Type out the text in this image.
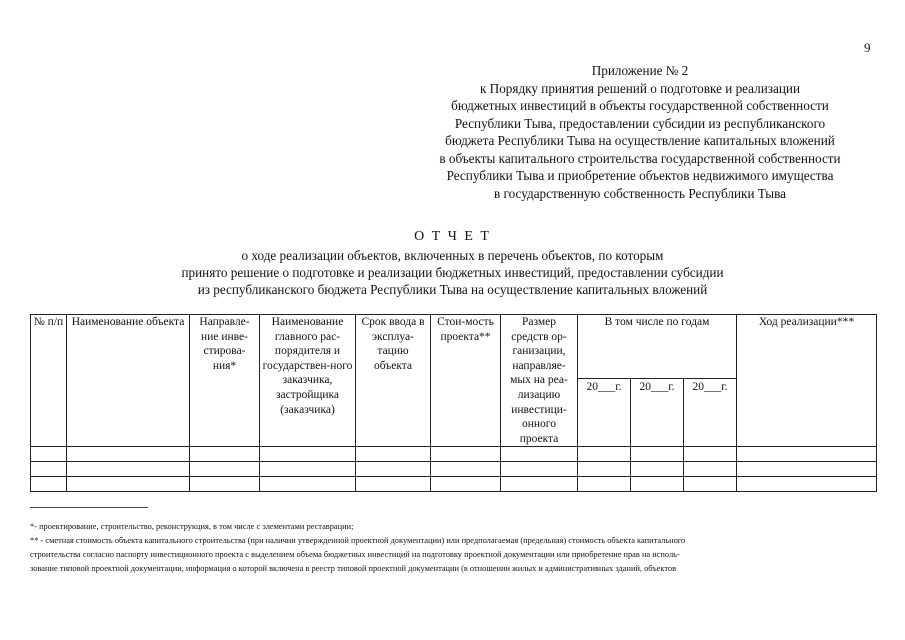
9
Приложение № 2
к Порядку принятия решений о подготовке и реализации
бюджетных инвестиций в объекты государственной собственности
Республики Тыва, предоставлении субсидии из республиканского
бюджета Республики Тыва на осуществление капитальных вложений
в объекты капитального строительства государственной собственности
Республики Тыва и приобретение объектов недвижимого имущества
в государственную собственность Республики Тыва
О Т Ч Е Т
о ходе реализации объектов, включенных в перечень объектов, по которым
принято решение о подготовке и реализации бюджетных инвестиций, предоставлении субсидии
из республиканского бюджета Республики Тыва на осуществление капитальных вложений
№ п/п	Наименование объекта	Направле-ние инве-стирова-ния*	Наименование главного рас-порядителя и государствен-ного заказчика, застройщика (заказчика)	Срок ввода в эксплуа-тацию объекта	Стои-мость проекта**	Размер средств ор-ганизации, направляе-мых на реа-лизацию инвестици-онного проекта	В том числе по годам			Ход реализации***
							20___г.	20___г.	20___г.	

*- проектирование, строительство, реконструкция, в том числе с элементами реставрации;
** - сметная стоимость объекта капитального строительства (при наличии утвержденной проектной документации) или предполагаемая (предельная) стоимость объекта капитального
строительства согласно паспорту инвестиционного проекта с выделением объема бюджетных инвестиций на подготовку проектной документации или приобретение прав на исполь-
зование типовой проектной документации, информация о которой включена в реестр типовой проектной документации (в отношении жилых и административных зданий, объектов
